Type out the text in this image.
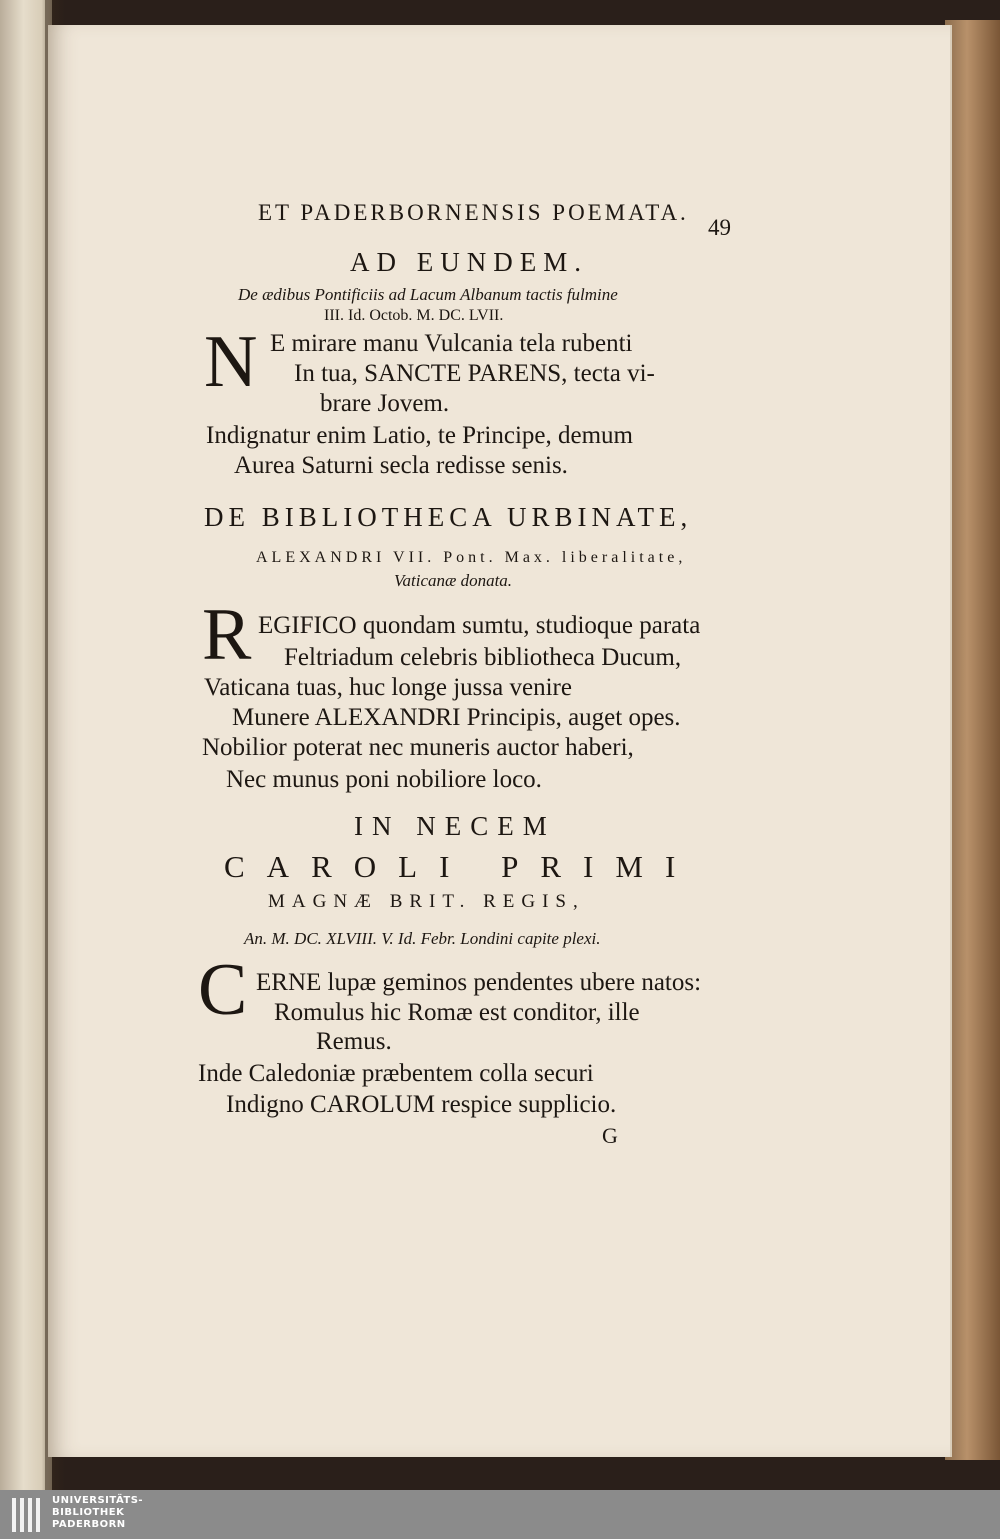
ET PADERBORNENSIS POEMATA.
49
AD EUNDEM.
De ædibus Pontificiis ad Lacum Albanum tactis fulmine
III. Id. Octob. M. DC. LVII.
N E mirare manu Vulcania tela rubenti
In tua, SANCTE PARENS, tecta vi-
brare Jovem.
Indignatur enim Latio, te Principe, demum
Aurea Saturni secla redisse senis.
DE BIBLIOTHECA URBINATE,
ALEXANDRI VII. Pont. Max. liberalitate,
Vaticanæ donata.
R EGIFICO quondam sumtu, studioque parata
Feltriadum celebris bibliotheca Ducum,
Vaticana tuas, huc longe jussa venire
Munere ALEXANDRI Principis, auget opes.
Nobilior poterat nec muneris auctor haberi,
Nec munus poni nobiliore loco.
IN NECEM
CAROLI PRIMI
MAGNÆ BRIT. REGIS,
An. M. DC. XLVIII. V. Id. Febr. Londini capite plexi.
C ERNE lupæ geminos pendentes ubere natos:
Romulus hic Romæ est conditor, ille
Remus.
Inde Caledoniæ præbentem colla securi
Indigno CAROLUM respice supplicio.
G
UNIVERSITÄTS-
BIBLIOTHEK
PADERBORN
